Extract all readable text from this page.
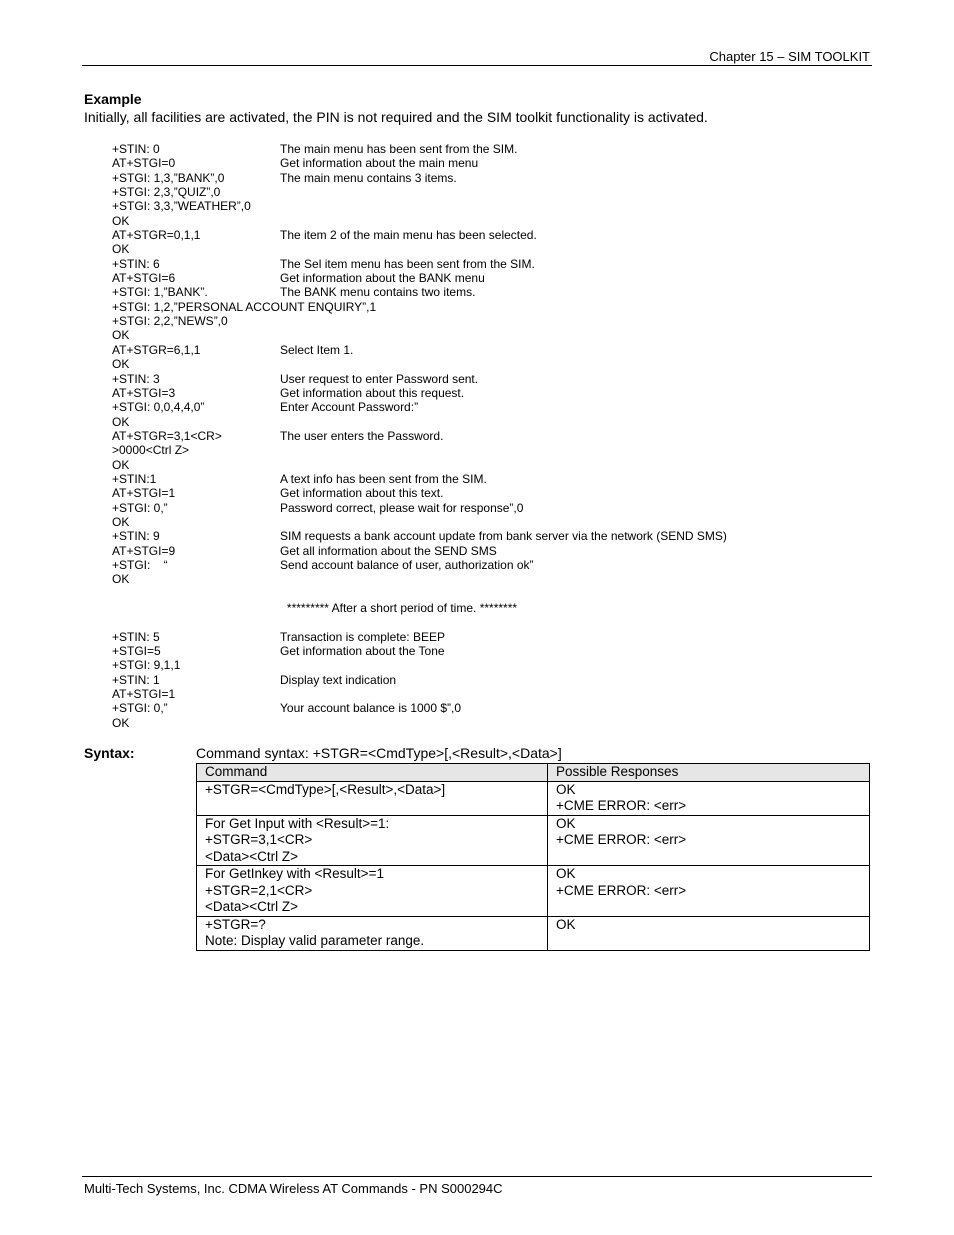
Chapter 15 – SIM TOOLKIT
Example
Initially, all facilities are activated, the PIN is not required and the SIM toolkit functionality is activated.
+STIN: 0	The main menu has been sent from the SIM.
AT+STGI=0	Get information about the main menu
+STGI: 1,3,”BANK”,0	The main menu contains 3 items.
+STGI: 2,3,”QUIZ”,0
+STGI: 3,3,”WEATHER”,0
OK
AT+STGR=0,1,1	The item 2 of the main menu has been selected.
OK
+STIN: 6	The Sel item menu has been sent from the SIM.
AT+STGI=6	Get information about the BANK menu
+STGI: 1,”BANK”.	The BANK menu contains two items.
+STGI: 1,2,”PERSONAL ACCOUNT ENQUIRY”,1
+STGI: 2,2,”NEWS”,0
OK
AT+STGR=6,1,1	Select Item 1.
OK
+STIN: 3	User request to enter Password sent.
AT+STGI=3	Get information about this request.
+STGI: 0,0,4,4,0”	Enter Account Password:”
OK
AT+STGR=3,1<CR>	The user enters the Password.
>0000<Ctrl Z>
OK
+STIN:1	A text info has been sent from the SIM.
AT+STGI=1	Get information about this text.
+STGI: 0,”	Password correct, please wait for response”,0
OK
+STIN: 9	SIM requests a bank account update from bank server via the network (SEND SMS)
AT+STGI=9	Get all information about the SEND SMS
+STGI:    “	Send account balance of user, authorization ok”
OK
********* After a short period of time. ********
+STIN: 5	Transaction is complete: BEEP
+STGI=5	Get information about the Tone
+STGI: 9,1,1
+STIN: 1	Display text indication
AT+STGI=1
+STGI: 0,”	Your account balance is 1000 $”,0
OK
Syntax:	Command syntax: +STGR=<CmdType>[,<Result>,<Data>]
Command	Possible Responses

+STGR=<CmdType>[,<Result>,<Data>]	OK
+CME ERROR: <err>

For Get Input with <Result>=1:
+STGR=3,1<CR>
<Data><Ctrl Z>	OK
+CME ERROR: <err>

For GetInkey with <Result>=1
+STGR=2,1<CR>
<Data><Ctrl Z>	OK
+CME ERROR: <err>

+STGR=?
Note: Display valid parameter range.	OK
Multi-Tech Systems, Inc. CDMA Wireless AT Commands - PN S000294C
